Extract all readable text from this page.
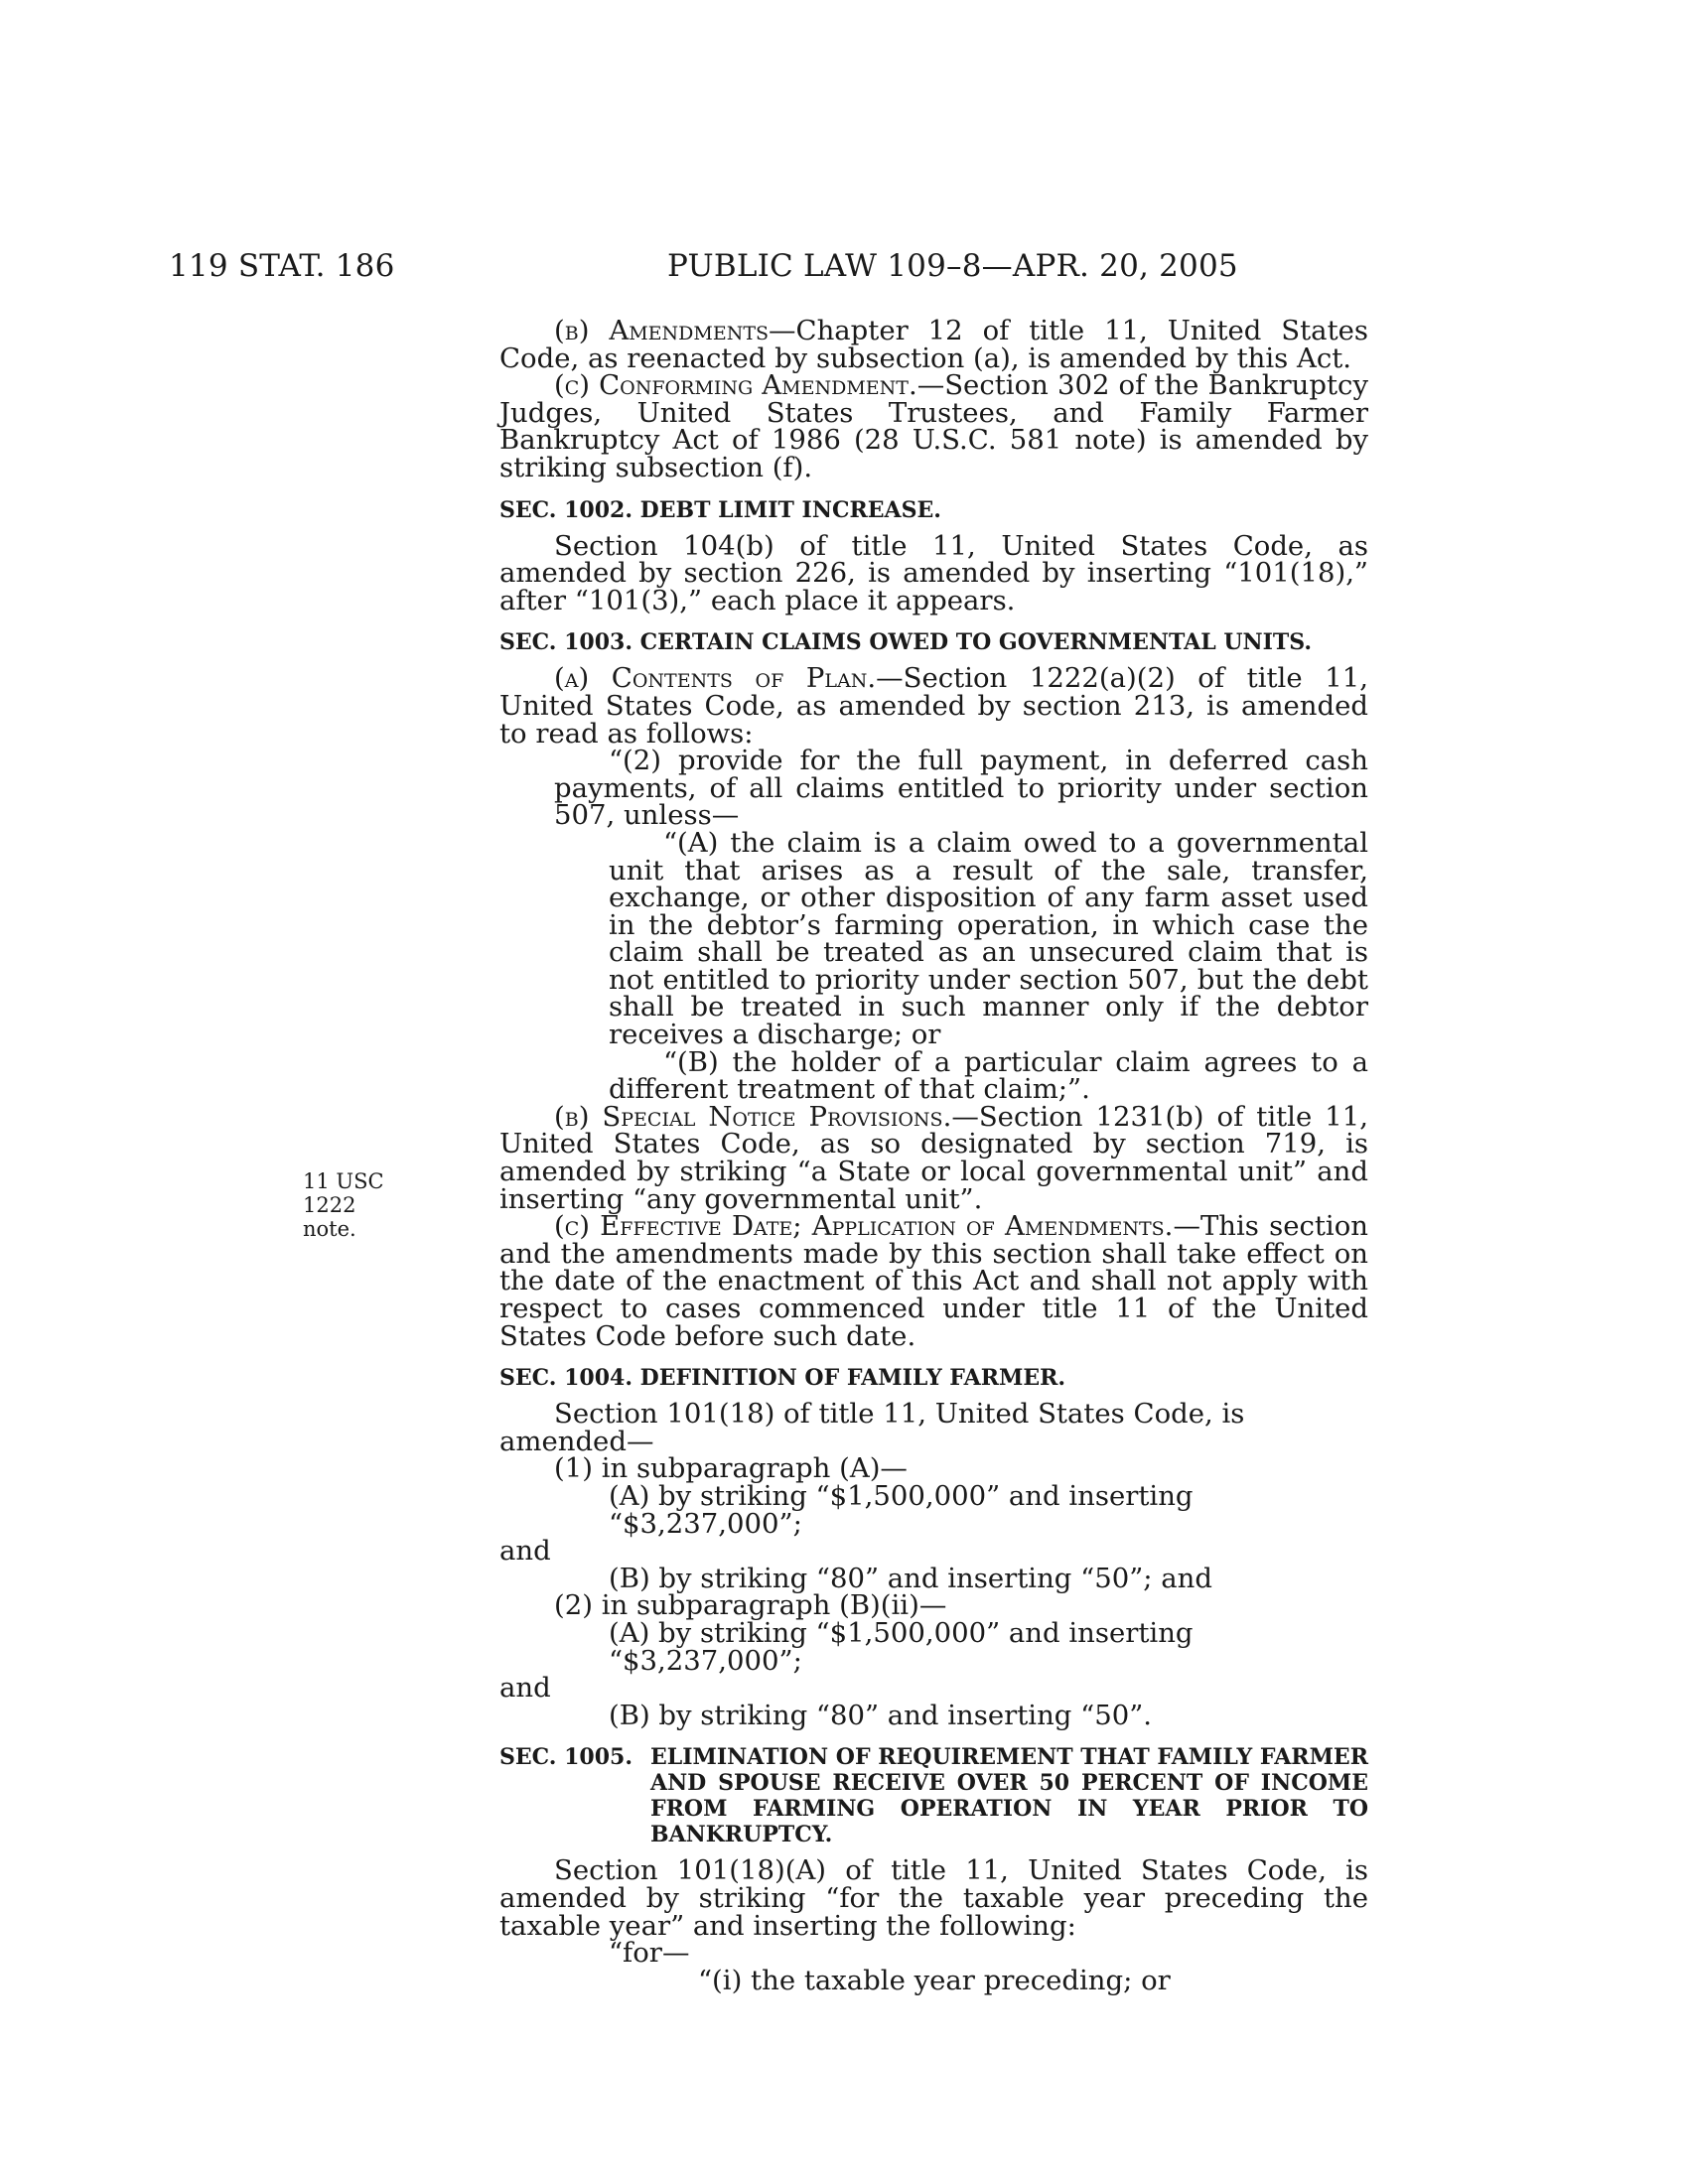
119 STAT. 186	PUBLIC LAW 109–8—APR. 20, 2005
11 USC 1222
note.

(b) Amendments—Chapter 12 of title 11, United States Code, as reenacted by subsection (a), is amended by this Act.

(c) Conforming Amendment.—Section 302 of the Bankruptcy Judges, United States Trustees, and Family Farmer Bankruptcy Act of 1986 (28 U.S.C. 581 note) is amended by striking subsection (f).

SEC. 1002. DEBT LIMIT INCREASE.

Section 104(b) of title 11, United States Code, as amended by section 226, is amended by inserting “101(18),” after “101(3),” each place it appears.

SEC. 1003. CERTAIN CLAIMS OWED TO GOVERNMENTAL UNITS.

(a) Contents of Plan.—Section 1222(a)(2) of title 11, United States Code, as amended by section 213, is amended to read as follows:

“(2) provide for the full payment, in deferred cash payments, of all claims entitled to priority under section 507, unless—

“(A) the claim is a claim owed to a governmental unit that arises as a result of the sale, transfer, exchange, or other disposition of any farm asset used in the debtor’s farming operation, in which case the claim shall be treated as an unsecured claim that is not entitled to priority under section 507, but the debt shall be treated in such manner only if the debtor receives a discharge; or

“(B) the holder of a particular claim agrees to a different treatment of that claim;”.

(b) Special Notice Provisions.—Section 1231(b) of title 11, United States Code, as so designated by section 719, is amended by striking “a State or local governmental unit” and inserting “any governmental unit”.

(c) Effective Date; Application of Amendments.—This section and the amendments made by this section shall take effect on the date of the enactment of this Act and shall not apply with respect to cases commenced under title 11 of the United States Code before such date.

SEC. 1004. DEFINITION OF FAMILY FARMER.

Section 101(18) of title 11, United States Code, is amended—

(1) in subparagraph (A)—

(A) by striking “$1,500,000” and inserting “$3,237,000”;

and

(B) by striking “80” and inserting “50”; and

(2) in subparagraph (B)(ii)—

(A) by striking “$1,500,000” and inserting “$3,237,000”;

and

(B) by striking “80” and inserting “50”.

SEC. 1005. ELIMINATION OF REQUIREMENT THAT FAMILY FARMER AND SPOUSE RECEIVE OVER 50 PERCENT OF INCOME FROM FARMING OPERATION IN YEAR PRIOR TO BANKRUPTCY.

Section 101(18)(A) of title 11, United States Code, is amended by striking “for the taxable year preceding the taxable year” and inserting the following:

“for—

“(i) the taxable year preceding; or
